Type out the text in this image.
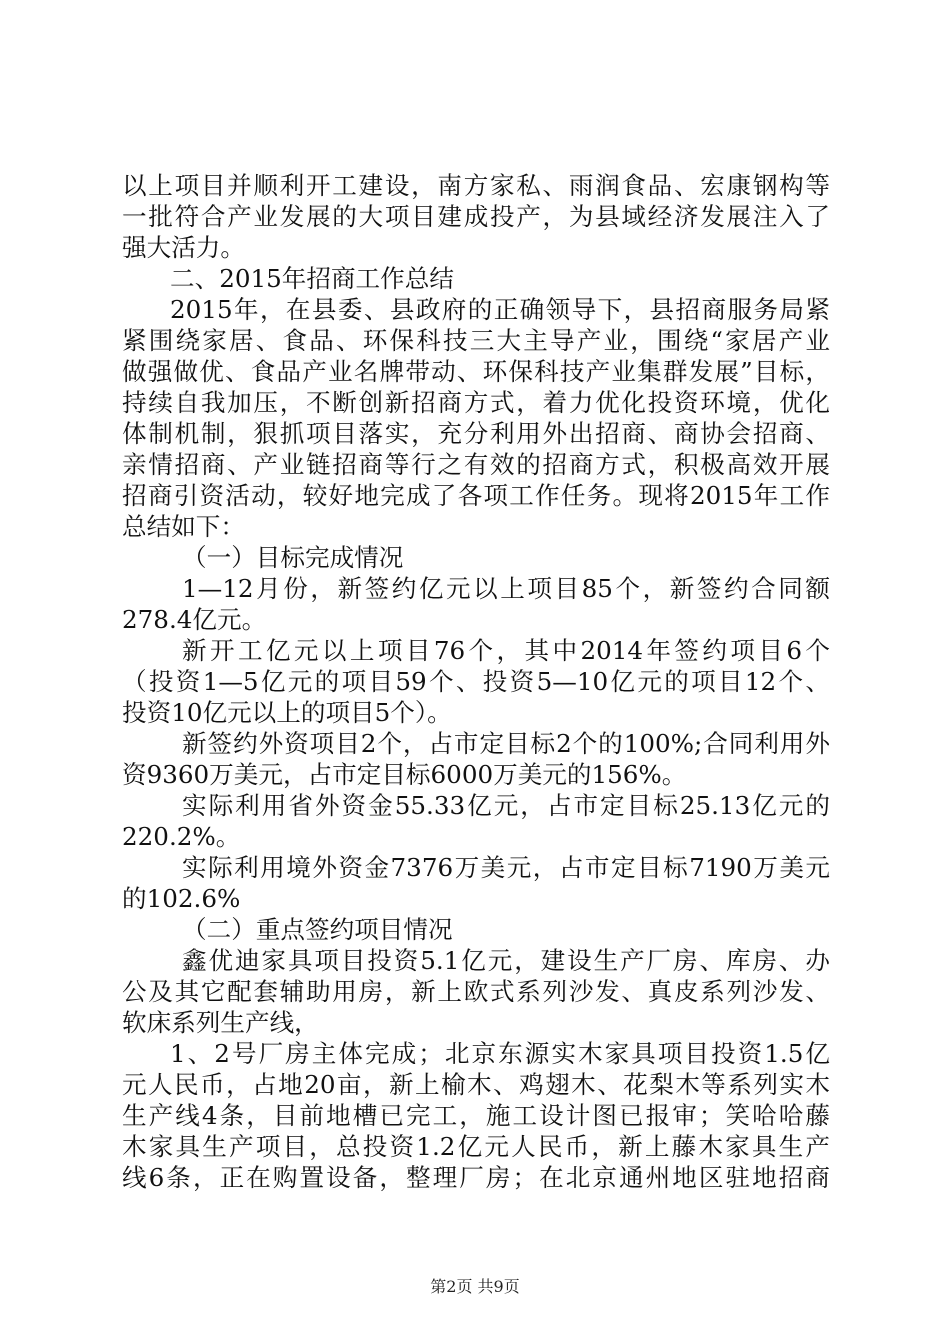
以上项目并顺利开工建设，南方家私、雨润食品、宏康钢构等
一批符合产业发展的大项目建成投产，为县域经济发展注入了
强大活力。
二、2015年招商工作总结
2015年，在县委、县政府的正确领导下，县招商服务局紧
紧围绕家居、食品、环保科技三大主导产业，围绕“家居产业
做强做优、食品产业名牌带动、环保科技产业集群发展”目标，
持续自我加压，不断创新招商方式，着力优化投资环境，优化
体制机制，狠抓项目落实，充分利用外出招商、商协会招商、
亲情招商、产业链招商等行之有效的招商方式，积极高效开展
招商引资活动，较好地完成了各项工作任务。现将2015年工作
总结如下：
（一）目标完成情况
1—12月份，新签约亿元以上项目85个，新签约合同额
278.4亿元。
新开工亿元以上项目76个，其中2014年签约项目6个
（投资1—5亿元的项目59个、投资5—10亿元的项目12个、
投资10亿元以上的项目5个）。
新签约外资项目2个，占市定目标2个的100%;合同利用外
资9360万美元，占市定目标6000万美元的156%。
实际利用省外资金55.33亿元，占市定目标25.13亿元的
220.2%。
实际利用境外资金7376万美元，占市定目标7190万美元
的102.6%
（二）重点签约项目情况
鑫优迪家具项目投资5.1亿元，建设生产厂房、库房、办
公及其它配套辅助用房，新上欧式系列沙发、真皮系列沙发、
软床系列生产线，
1、2号厂房主体完成；北京东源实木家具项目投资1.5亿
元人民币，占地20亩，新上榆木、鸡翅木、花梨木等系列实木
生产线4条，目前地槽已完工，施工设计图已报审；笑哈哈藤
木家具生产项目，总投资1.2亿元人民币，新上藤木家具生产
线6条，正在购置设备，整理厂房；在北京通州地区驻地招商
第2页 共9页
